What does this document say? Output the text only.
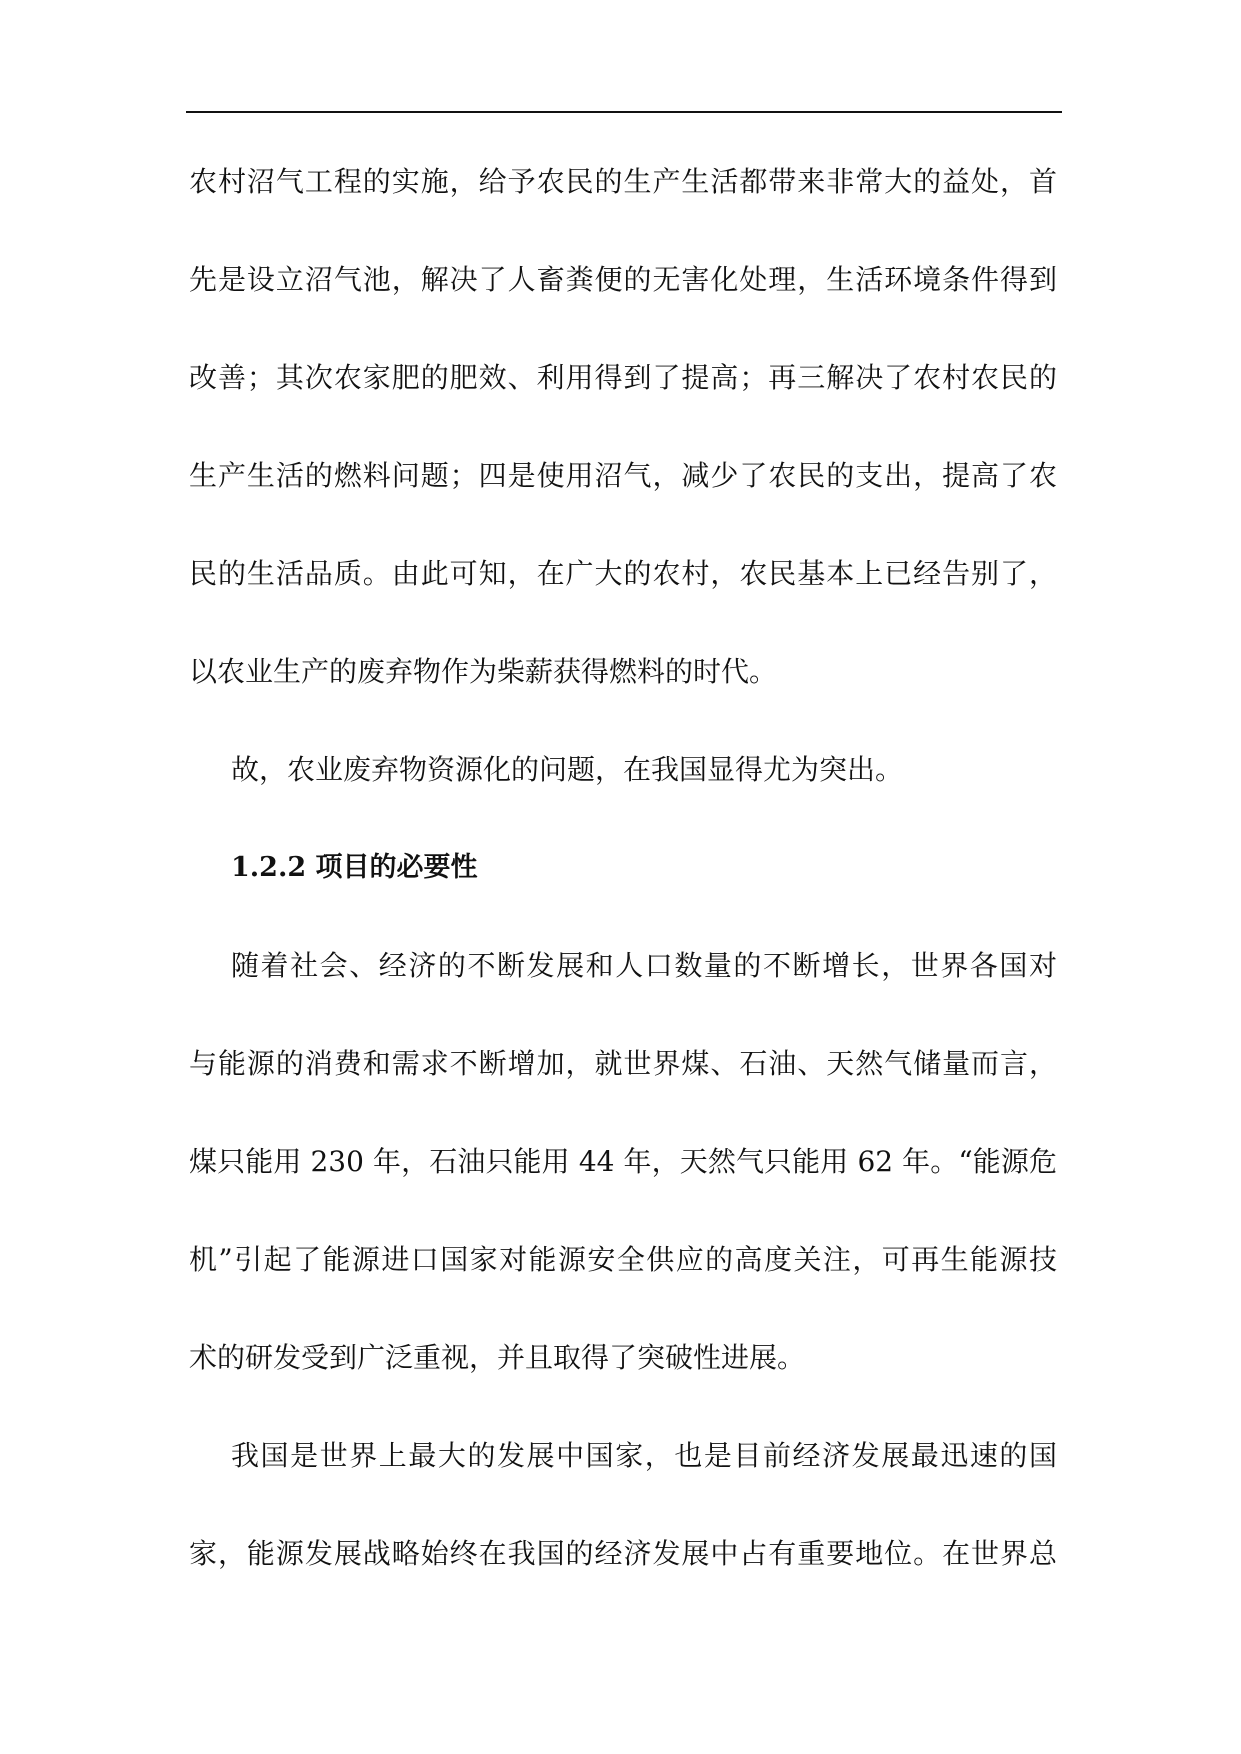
农村沼气工程的实施，给予农民的生产生活都带来非常大的益处，首
先是设立沼气池，解决了人畜粪便的无害化处理，生活环境条件得到
改善；其次农家肥的肥效、利用得到了提高；再三解决了农村农民的
生产生活的燃料问题；四是使用沼气，减少了农民的支出，提高了农
民的生活品质。由此可知，在广大的农村，农民基本上已经告别了，
以农业生产的废弃物作为柴薪获得燃料的时代。
故，农业废弃物资源化的问题，在我国显得尤为突出。
1.2.2 项目的必要性
随着社会、经济的不断发展和人口数量的不断增长，世界各国对
与能源的消费和需求不断增加，就世界煤、石油、天然气储量而言，
煤只能用 230 年，石油只能用 44 年，天然气只能用 62 年。“能源危
机”引起了能源进口国家对能源安全供应的高度关注，可再生能源技
术的研发受到广泛重视，并且取得了突破性进展。
我国是世界上最大的发展中国家，也是目前经济发展最迅速的国
家，能源发展战略始终在我国的经济发展中占有重要地位。在世界总
